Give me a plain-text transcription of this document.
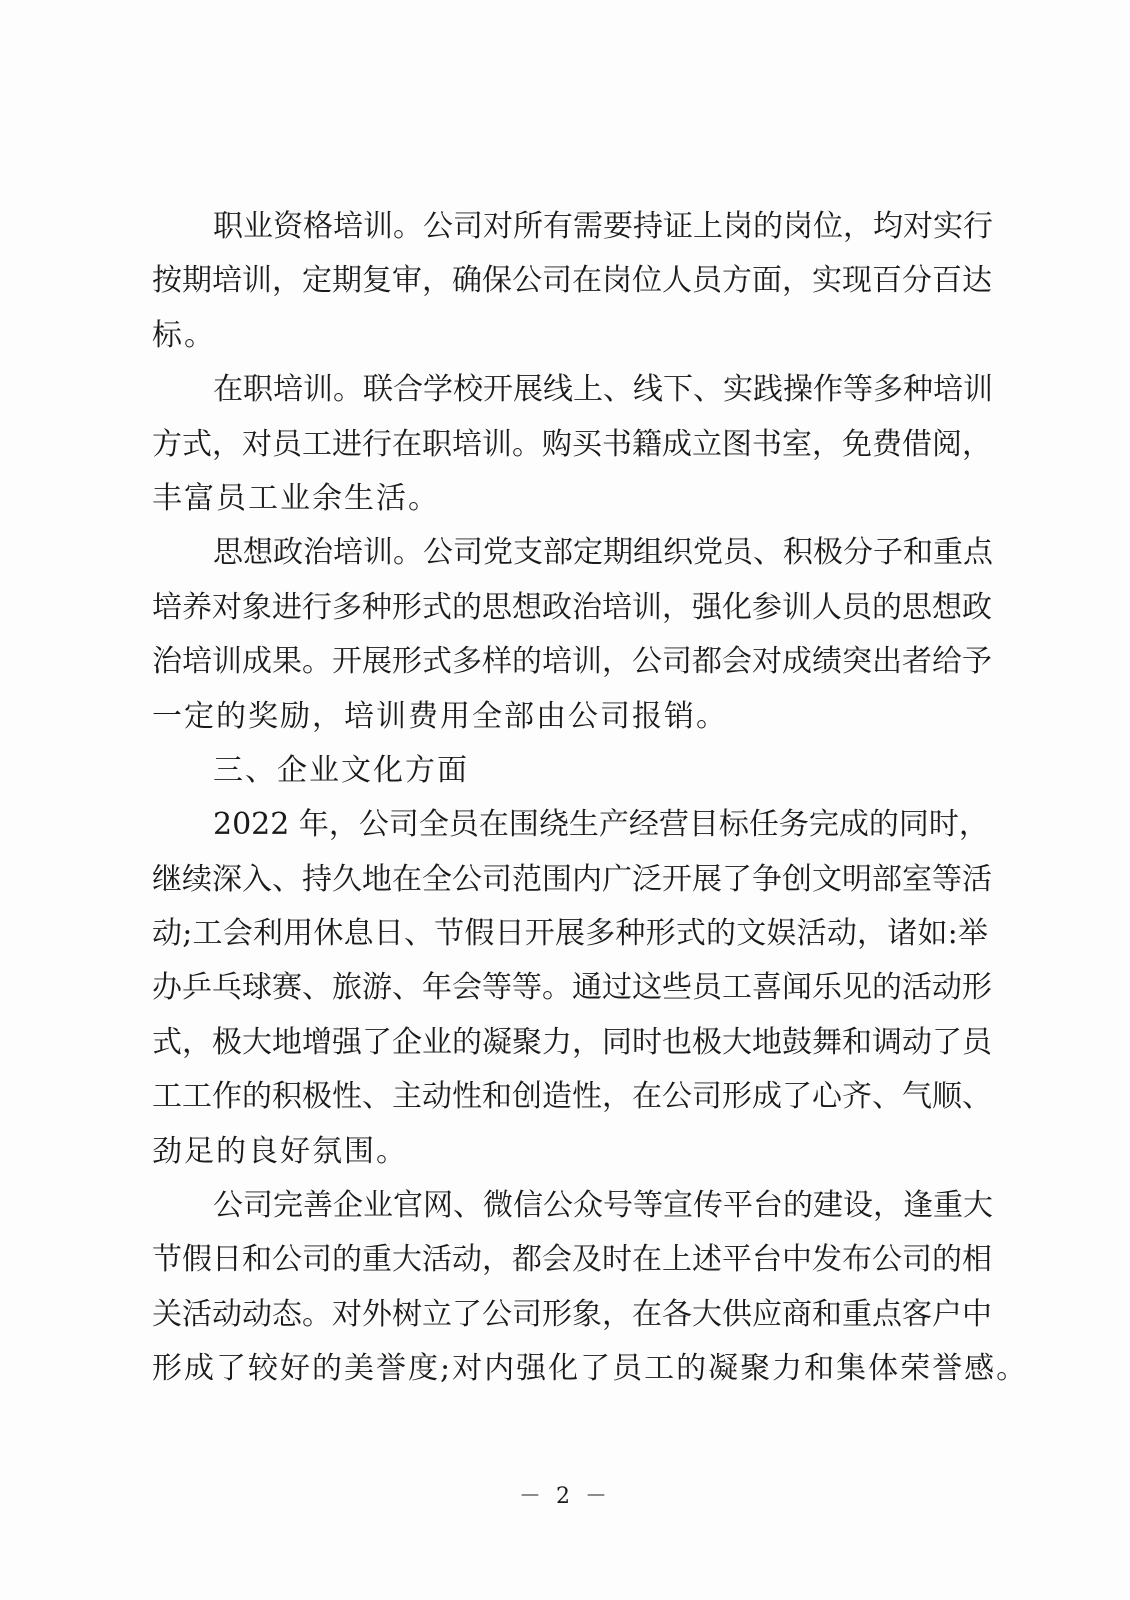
职业资格培训。公司对所有需要持证上岗的岗位，均对实行
按期培训，定期复审，确保公司在岗位人员方面，实现百分百达
标。
在职培训。联合学校开展线上、线下、实践操作等多种培训
方式，对员工进行在职培训。购买书籍成立图书室，免费借阅，
丰富员工业余生活。
思想政治培训。公司党支部定期组织党员、积极分子和重点
培养对象进行多种形式的思想政治培训，强化参训人员的思想政
治培训成果。开展形式多样的培训，公司都会对成绩突出者给予
一定的奖励，培训费用全部由公司报销。
三、企业文化方面
2022 年，公司全员在围绕生产经营目标任务完成的同时，
继续深入、持久地在全公司范围内广泛开展了争创文明部室等活
动;工会利用休息日、节假日开展多种形式的文娱活动，诸如:举
办乒乓球赛、旅游、年会等等。通过这些员工喜闻乐见的活动形
式，极大地增强了企业的凝聚力，同时也极大地鼓舞和调动了员
工工作的积极性、主动性和创造性，在公司形成了心齐、气顺、
劲足的良好氛围。
公司完善企业官网、微信公众号等宣传平台的建设，逢重大
节假日和公司的重大活动，都会及时在上述平台中发布公司的相
关活动动态。对外树立了公司形象，在各大供应商和重点客户中
形成了较好的美誉度;对内强化了员工的凝聚力和集体荣誉感。
－ 2 －
